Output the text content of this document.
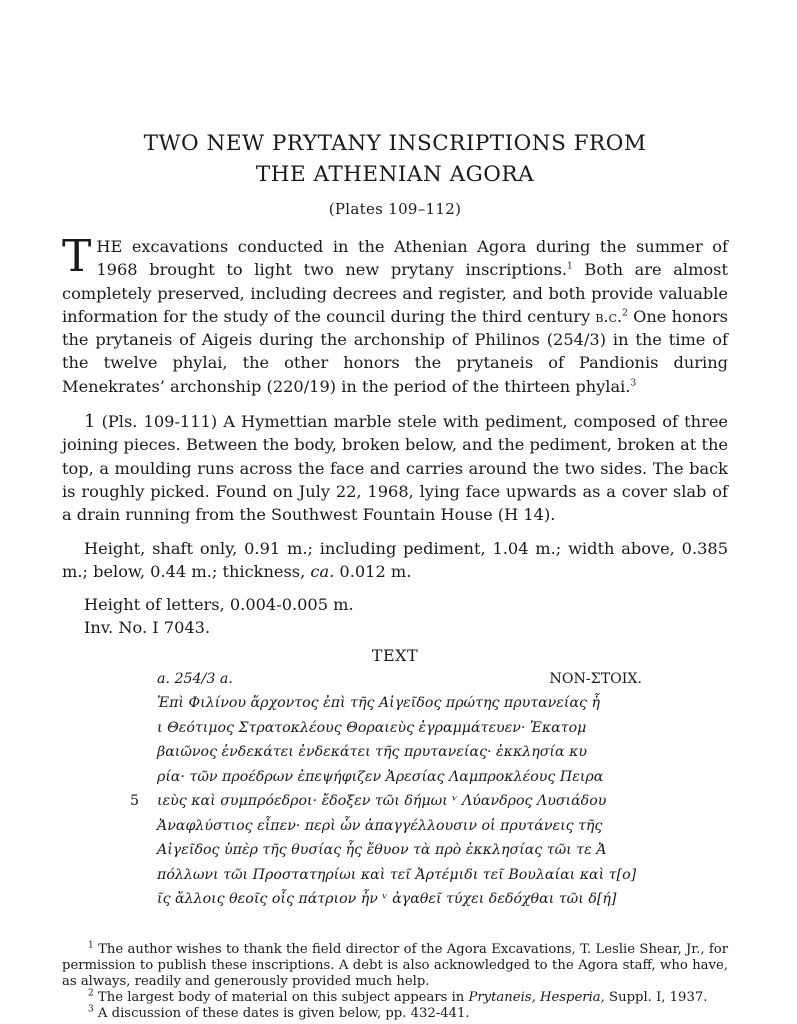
TWO NEW PRYTANY INSCRIPTIONS FROM
THE ATHENIAN AGORA
(Plates 109–112)

THE excavations conducted in the Athenian Agora during the summer of 1968 brought to light two new prytany inscriptions.$^1$ Both are almost completely preserved, including decrees and register, and both provide valuable information for the study of the council during the third century b.c.$^2$ One honors the prytaneis of Aigeis during the archonship of Philinos (254/3) in the time of the twelve phylai, the other honors the prytaneis of Pandionis during Menekrates’ archonship (220/19) in the period of the thirteen phylai.$^3$

1 (Pls. 109-111) A Hymettian marble stele with pediment, composed of three joining pieces. Between the body, broken below, and the pediment, broken at the top, a moulding runs across the face and carries around the two sides. The back is roughly picked. Found on July 22, 1968, lying face upwards as a cover slab of a drain running from the Southwest Fountain House (H 14).

Height, shaft only, 0.91 m.; including pediment, 1.04 m.; width above, 0.385 m.; below, 0.44 m.; thickness, ca. 0.012 m.

Height of letters, 0.004-0.005 m.

Inv. No. I 7043.

TEXT
a. 254/3 a.	NON-ΣΤΟΙΧ.
Ἐπὶ Φιλίνου ἄρχοντος ἐπὶ τῆς Αἰγεῖδος πρώτης πρυτανείας ἧ
ι Θεότιμος Στρατοκλέους Θοραιεὺς ἐγραμμάτευεν· Ἑκατομ
βαιῶνος ἐνδεκάτει ἐνδεκάτει τῆς πρυτανείας· ἐκκλησία κυ
ρία· τῶν προέδρων ἐπεψήφιζεν Ἀρεσίας Λαμπροκλέους Πειρα
5 ιεὺς καὶ συμπρόεδροι· ἔδοξεν τῶι δήμωι ᵛ Λύανδρος Λυσιάδου
Ἀναφλύστιος εἶπεν· περὶ ὧν ἀπαγγέλλουσιν οἱ πρυτάνεις τῆς
Αἰγεῖδος ὑπὲρ τῆς θυσίας ἧς ἔθυον τὰ πρὸ ἐκκλησίας τῶι τε Ἀ
πόλλωνι τῶι Προστατηρίωι καὶ τεῖ Ἀρτέμιδι τεῖ Βουλαίαι καὶ τ[ο]
ῖς ἄλλοις θεοῖς οἷς πάτριον ἦν ᵛ ἀγαθεῖ τύχει δεδόχθαι τῶι δ[ή]

$^1$ The author wishes to thank the field director of the Agora Excavations, T. Leslie Shear, Jr., for permission to publish these inscriptions. A debt is also acknowledged to the Agora staff, who have, as always, readily and generously provided much help.

$^2$ The largest body of material on this subject appears in Prytaneis, Hesperia, Suppl. I, 1937.

$^3$ A discussion of these dates is given below, pp. 432-441.
